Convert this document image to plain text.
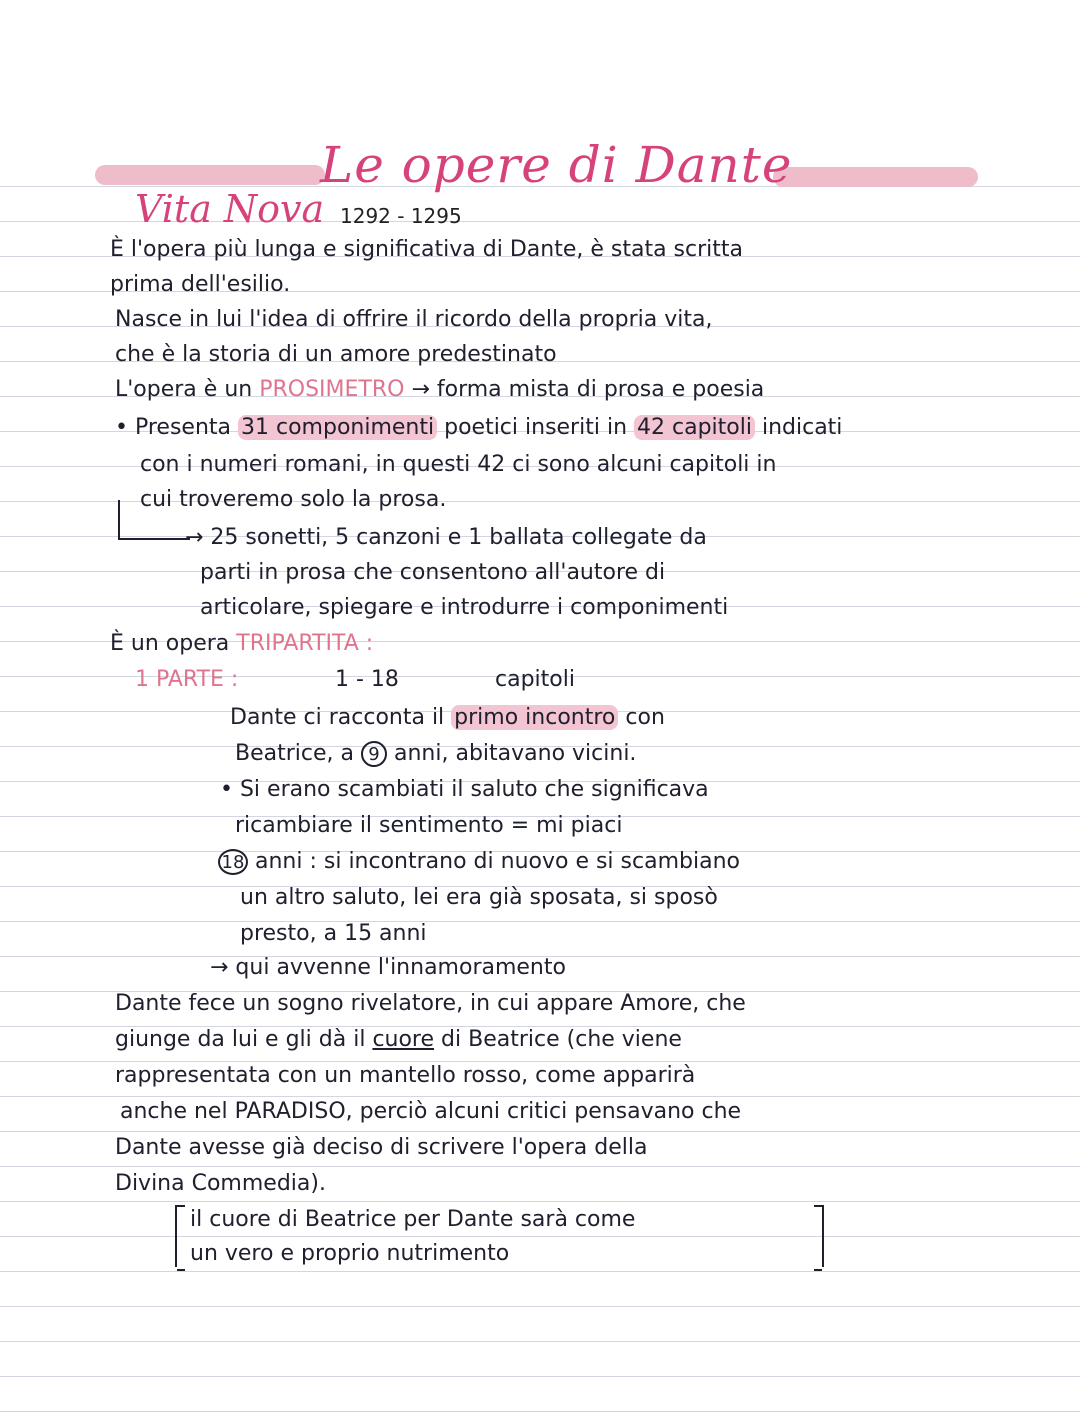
Le opere di Dante
Vita Nova 1292 - 1295
È l'opera più lunga e significativa di Dante, è stata scritta
prima dell'esilio.
Nasce in lui l'idea di offrire il ricordo della propria vita,
che è la storia di un amore predestinato
L'opera è un PROSIMETRO → forma mista di prosa e poesia
• Presenta 31 componimenti poetici inseriti in 42 capitoli indicati
con i numeri romani, in questi 42 ci sono alcuni capitoli in
cui troveremo solo la prosa.
→ 25 sonetti, 5 canzoni e 1 ballata collegate da
parti in prosa che consentono all'autore di
articolare, spiegare e introdurre i componimenti
È un opera TRIPARTITA :
1 PARTE :	1 - 18	capitoli
Dante ci racconta il primo incontro con
Beatrice, a 9 anni, abitavano vicini.
• Si erano scambiati il saluto che significava
ricambiare il sentimento = mi piaci
18 anni : si incontrano di nuovo e si scambiano
un altro saluto, lei era già sposata, si sposò
presto, a 15 anni
→ qui avvenne l'innamoramento
Dante fece un sogno rivelatore, in cui appare Amore, che
giunge da lui e gli dà il cuore di Beatrice (che viene
rappresentata con un mantello rosso, come apparirà
anche nel PARADISO, perciò alcuni critici pensavano che
Dante avesse già deciso di scrivere l'opera della
Divina Commedia).
il cuore di Beatrice per Dante sarà come
un vero e proprio nutrimento
